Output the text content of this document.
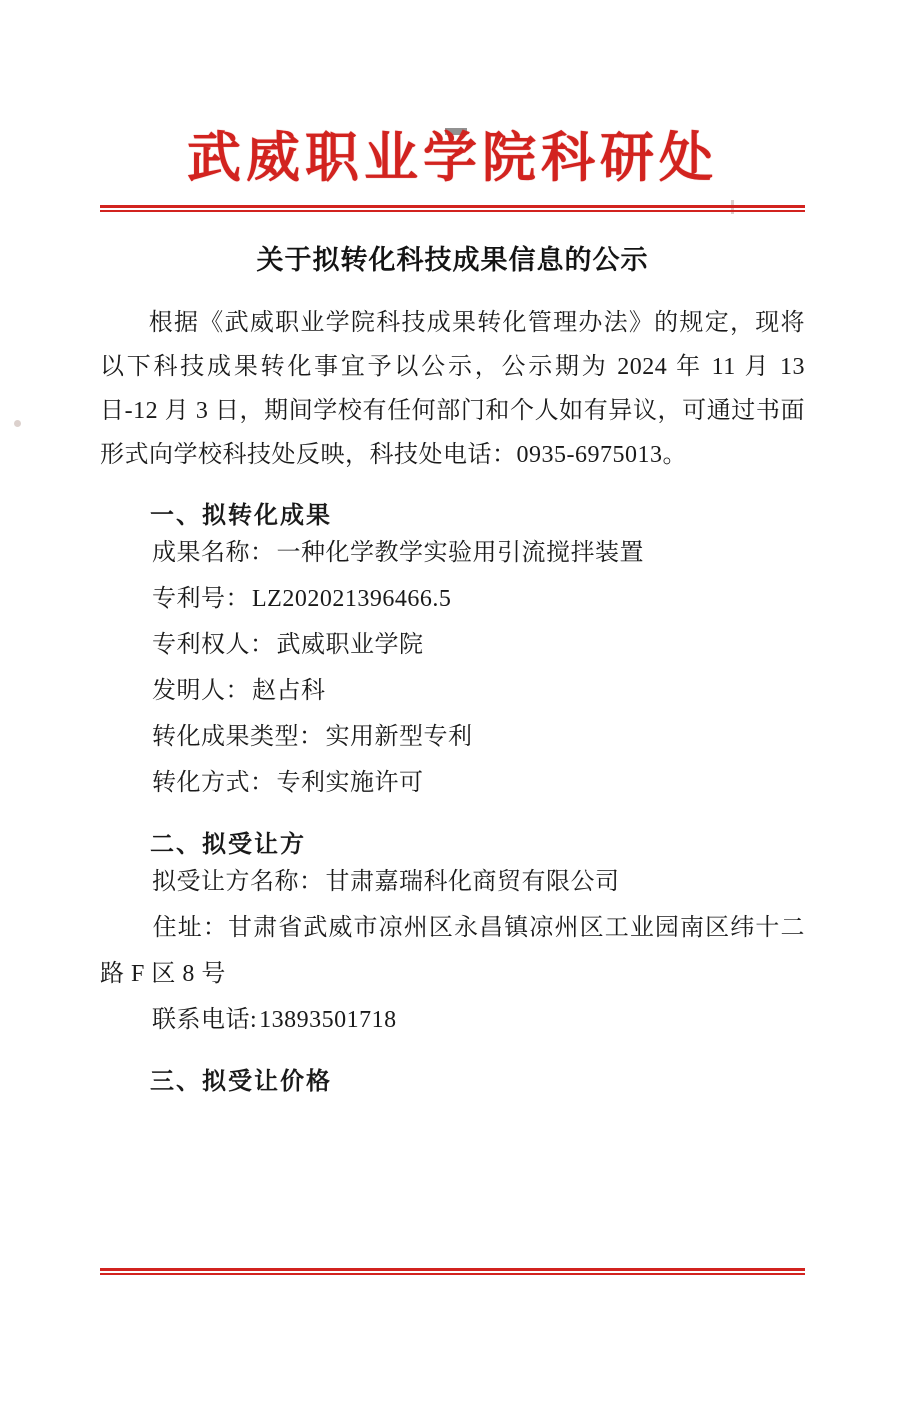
武威职业学院科研处
关于拟转化科技成果信息的公示
根据《武威职业学院科技成果转化管理办法》的规定，现将以下科技成果转化事宜予以公示，公示期为 2024 年 11 月 13 日-12 月 3 日，期间学校有任何部门和个人如有异议，可通过书面形式向学校科技处反映，科技处电话：0935-6975013。
一、拟转化成果
成果名称：一种化学教学实验用引流搅拌装置
专利号：LZ202021396466.5
专利权人：武威职业学院
发明人：赵占科
转化成果类型：实用新型专利
转化方式：专利实施许可
二、拟受让方
拟受让方名称：甘肃嘉瑞科化商贸有限公司
住址：甘肃省武威市凉州区永昌镇凉州区工业园南区纬十二路 F 区 8 号
联系电话:13893501718
三、拟受让价格
